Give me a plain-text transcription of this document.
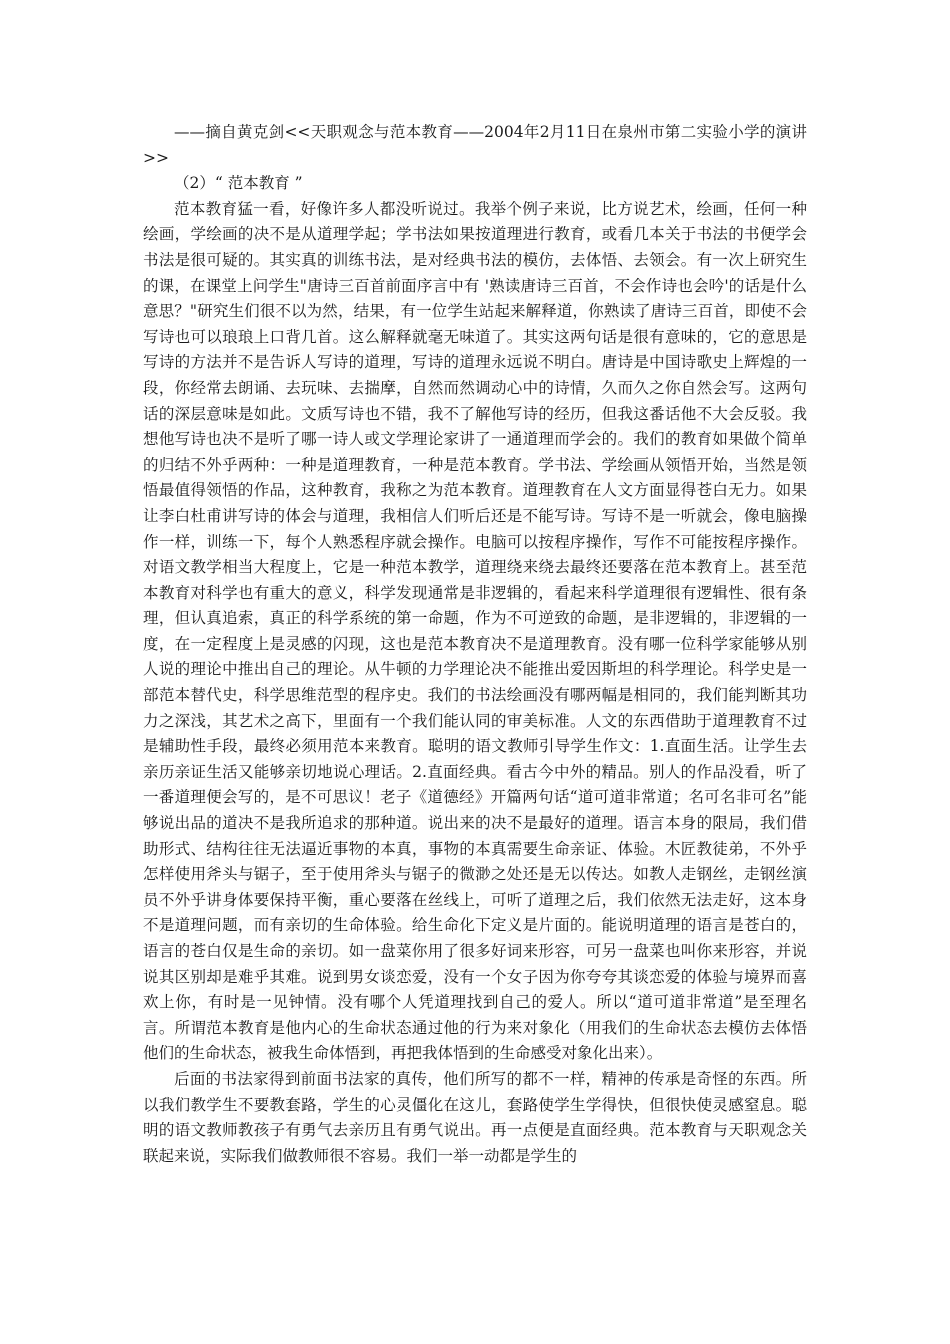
——摘自黄克剑<<天职观念与范本教育——2004年2月11日在泉州市第二实验小学的演讲>>

（2）“ 范本教育 ”

范本教育猛一看，好像许多人都没听说过。我举个例子来说，比方说艺术，绘画，任何一种绘画，学绘画的决不是从道理学起；学书法如果按道理进行教育，或看几本关于书法的书便学会书法是很可疑的。其实真的训练书法，是对经典书法的模仿，去体悟、去领会。有一次上研究生的课，在课堂上问学生"唐诗三百首前面序言中有 '熟读唐诗三百首，不会作诗也会吟'的话是什么意思？"研究生们很不以为然，结果，有一位学生站起来解释道，你熟读了唐诗三百首，即使不会写诗也可以琅琅上口背几首。这么解释就毫无味道了。其实这两句话是很有意味的，它的意思是写诗的方法并不是告诉人写诗的道理，写诗的道理永远说不明白。唐诗是中国诗歌史上辉煌的一段，你经常去朗诵、去玩味、去揣摩，自然而然调动心中的诗情，久而久之你自然会写。这两句话的深层意味是如此。文质写诗也不错，我不了解他写诗的经历，但我这番话他不大会反驳。我想他写诗也决不是听了哪一诗人或文学理论家讲了一通道理而学会的。我们的教育如果做个简单的归结不外乎两种：一种是道理教育，一种是范本教育。学书法、学绘画从领悟开始，当然是领悟最值得领悟的作品，这种教育，我称之为范本教育。道理教育在人文方面显得苍白无力。如果让李白杜甫讲写诗的体会与道理，我相信人们听后还是不能写诗。写诗不是一听就会，像电脑操作一样，训练一下，每个人熟悉程序就会操作。电脑可以按程序操作，写作不可能按程序操作。对语文教学相当大程度上，它是一种范本教学，道理绕来绕去最终还要落在范本教育上。甚至范本教育对科学也有重大的意义，科学发现通常是非逻辑的，看起来科学道理很有逻辑性、很有条理，但认真追索，真正的科学系统的第一命题，作为不可逆致的命题，是非逻辑的，非逻辑的一度，在一定程度上是灵感的闪现，这也是范本教育决不是道理教育。没有哪一位科学家能够从别人说的理论中推出自己的理论。从牛顿的力学理论决不能推出爱因斯坦的科学理论。科学史是一部范本替代史，科学思维范型的程序史。我们的书法绘画没有哪两幅是相同的，我们能判断其功力之深浅，其艺术之高下，里面有一个我们能认同的审美标准。人文的东西借助于道理教育不过是辅助性手段，最终必须用范本来教育。聪明的语文教师引导学生作文：1.直面生活。让学生去亲历亲证生活又能够亲切地说心理话。2.直面经典。看古今中外的精品。别人的作品没看，听了一番道理便会写的，是不可思议！老子《道德经》开篇两句话“道可道非常道；名可名非可名”能够说出品的道决不是我所追求的那种道。说出来的决不是最好的道理。语言本身的限局，我们借助形式、结构往往无法逼近事物的本真，事物的本真需要生命亲证、体验。木匠教徒弟，不外乎怎样使用斧头与锯子，至于使用斧头与锯子的微渺之处还是无以传达。如教人走钢丝，走钢丝演员不外乎讲身体要保持平衡，重心要落在丝线上，可听了道理之后，我们依然无法走好，这本身不是道理问题，而有亲切的生命体验。给生命化下定义是片面的。能说明道理的语言是苍白的，语言的苍白仅是生命的亲切。如一盘菜你用了很多好词来形容，可另一盘菜也叫你来形容，并说说其区别却是难乎其难。说到男女谈恋爱，没有一个女子因为你夸夸其谈恋爱的体验与境界而喜欢上你，有时是一见钟情。没有哪个人凭道理找到自己的爱人。所以“道可道非常道”是至理名言。所谓范本教育是他内心的生命状态通过他的行为来对象化（用我们的生命状态去模仿去体悟他们的生命状态，被我生命体悟到，再把我体悟到的生命感受对象化出来）。

后面的书法家得到前面书法家的真传，他们所写的都不一样，精神的传承是奇怪的东西。所以我们教学生不要教套路，学生的心灵僵化在这儿，套路使学生学得快，但很快使灵感窒息。聪明的语文教师教孩子有勇气去亲历且有勇气说出。再一点便是直面经典。范本教育与天职观念关联起来说，实际我们做教师很不容易。我们一举一动都是学生的
